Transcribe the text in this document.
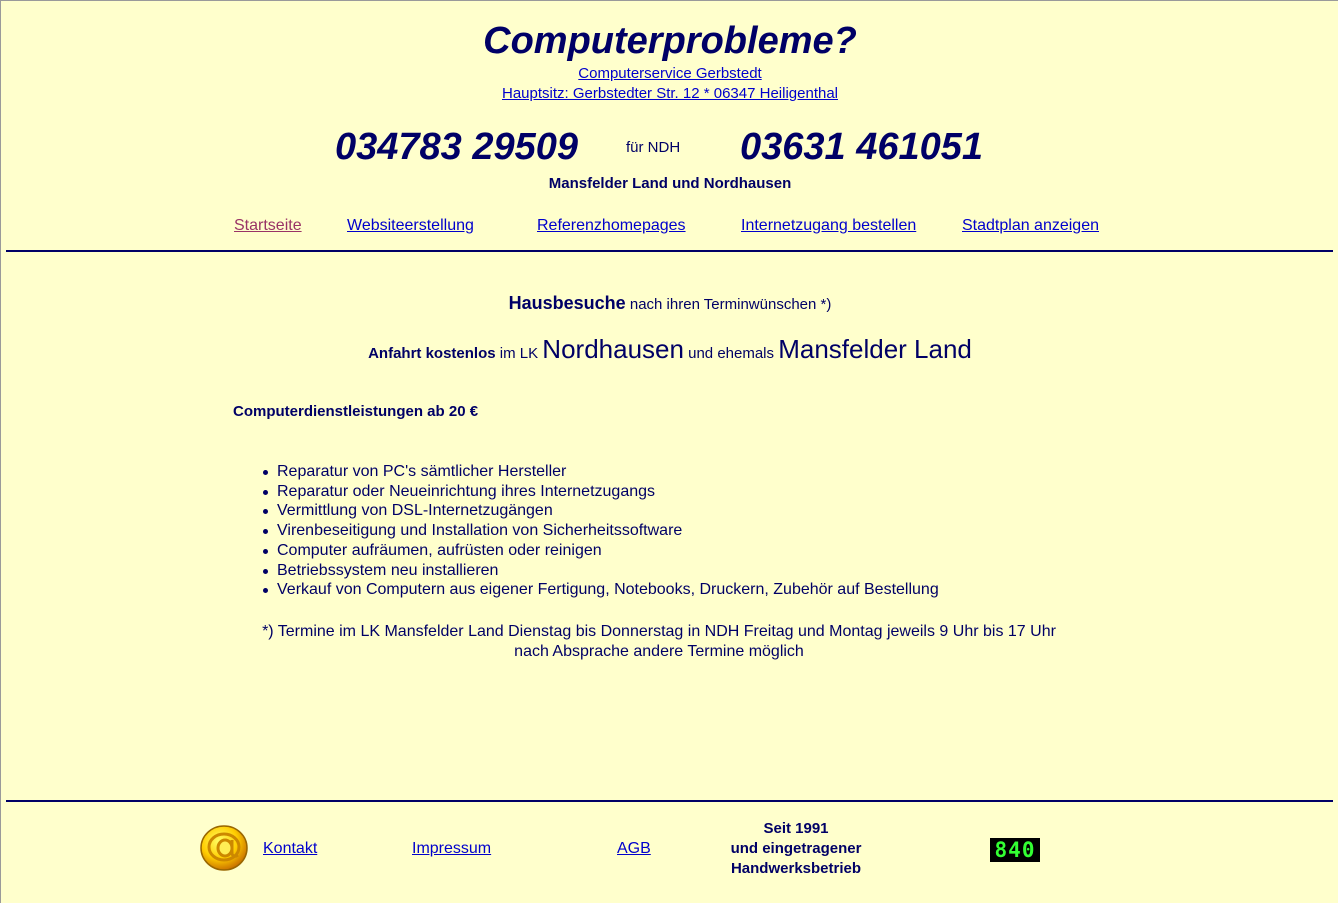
Computerprobleme?
Computerservice Gerbstedt
Hauptsitz: Gerbstedter Str. 12 * 06347 Heiligenthal
034783 29509	für NDH 03631 461051
Mansfelder Land und Nordhausen
Startseite	Websiteerstellung	Referenzhomepages	Internetzugang bestellen	Stadtplan anzeigen
Hausbesuche nach ihren Terminwünschen *)
Anfahrt kostenlos im LK Nordhausen und ehemals Mansfelder Land
Computerdienstleistungen ab 20 €
Reparatur von PC's sämtlicher Hersteller
Reparatur oder Neueinrichtung ihres Internetzugangs
Vermittlung von DSL-Internetzugängen
Virenbeseitigung und Installation von Sicherheitssoftware
Computer aufräumen, aufrüsten oder reinigen
Betriebssystem neu installieren
Verkauf von Computern aus eigener Fertigung, Notebooks, Druckern, Zubehör auf Bestellung
*) Termine im LK Mansfelder Land Dienstag bis Donnerstag in NDH Freitag und Montag jeweils 9 Uhr bis 17 Uhr
nach Absprache andere Termine möglich
Kontakt	Impressum	AGB
Seit 1991
und eingetragener
Handwerksbetrieb
840
